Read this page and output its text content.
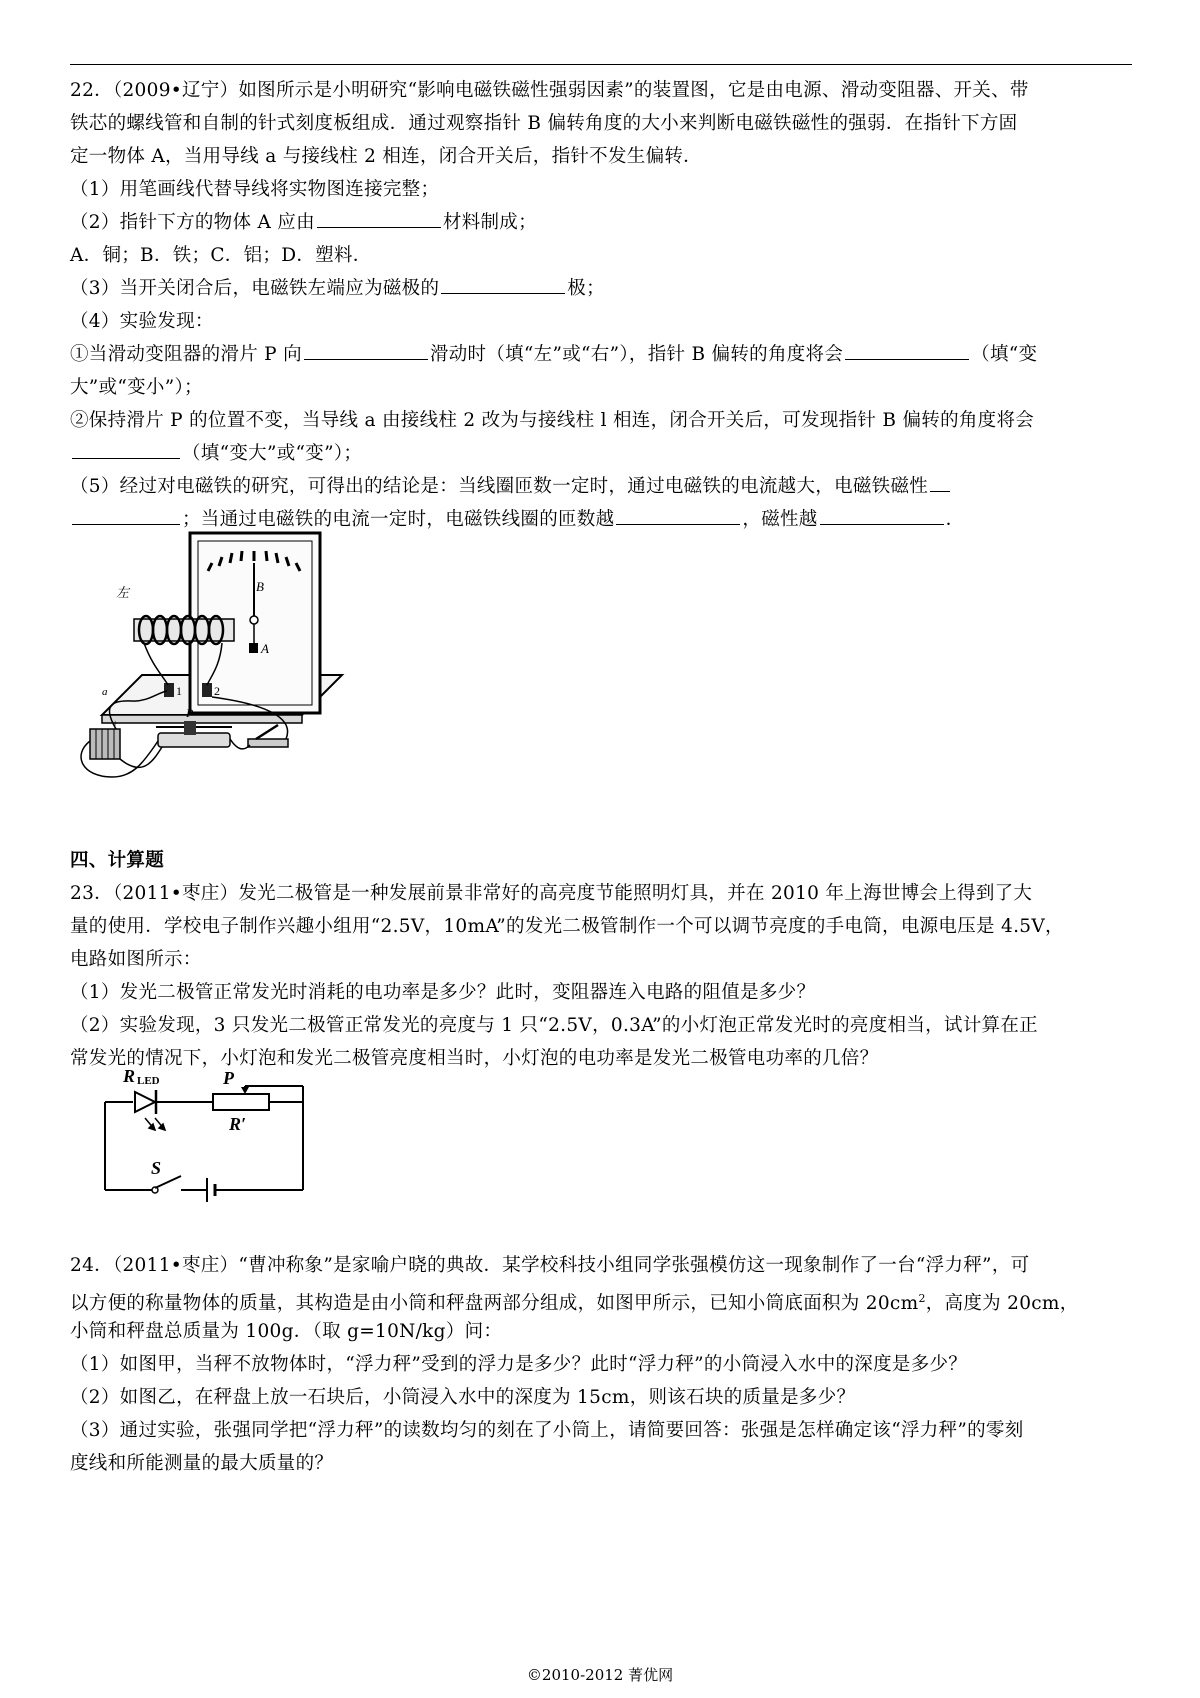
22．（2009•辽宁）如图所示是小明研究“影响电磁铁磁性强弱因素”的装置图，它是由电源、滑动变阻器、开关、带
铁芯的螺线管和自制的针式刻度板组成．通过观察指针 B 偏转角度的大小来判断电磁铁磁性的强弱．在指针下方固
定一物体 A，当用导线 a 与接线柱 2 相连，闭合开关后，指针不发生偏转．
（1）用笔画线代替导线将实物图连接完整；
（2）指针下方的物体 A 应由	材料制成；
A．铜；B．铁；C．铝；D．塑料．
（3）当开关闭合后，电磁铁左端应为磁极的	极；
（4）实验发现：
①当滑动变阻器的滑片 P 向	滑动时（填“左”或“右”），指针 B 偏转的角度将会	（填“变
大”或“变小”）；
②保持滑片 P 的位置不变，当导线 a 由接线柱 2 改为与接线柱 l 相连，闭合开关后，可发现指针 B 偏转的角度将会
（填“变大”或“变”）；
（5）经过对电磁铁的研究，可得出的结论是：当线圈匝数一定时，通过电磁铁的电流越大，电磁铁磁性
；当通过电磁铁的电流一定时，电磁铁线圈的匝数越	，磁性越	．
四、计算题
23．（2011•枣庄）发光二极管是一种发展前景非常好的高亮度节能照明灯具，并在 2010 年上海世博会上得到了大
量的使用．学校电子制作兴趣小组用“2.5V，10mA”的发光二极管制作一个可以调节亮度的手电筒，电源电压是 4.5V，
电路如图所示：
（1）发光二极管正常发光时消耗的电功率是多少？此时，变阻器连入电路的阻值是多少？
（2）实验发现，3 只发光二极管正常发光的亮度与 1 只“2.5V，0.3A”的小灯泡正常发光时的亮度相当，试计算在正
常发光的情况下，小灯泡和发光二极管亮度相当时，小灯泡的电功率是发光二极管电功率的几倍？
24．（2011•枣庄）“曹冲称象”是家喻户晓的典故．某学校科技小组同学张强模仿这一现象制作了一台“浮力秤”，可
以方便的称量物体的质量，其构造是由小筒和秤盘两部分组成，如图甲所示，已知小筒底面积为 $20cm^2$，高度为 20cm，
小筒和秤盘总质量为 100g．（取 g=10N/kg）问：
（1）如图甲，当秤不放物体时，“浮力秤”受到的浮力是多少？此时“浮力秤”的小筒浸入水中的深度是多少？
（2）如图乙，在秤盘上放一石块后，小筒浸入水中的深度为 15cm，则该石块的质量是多少？
（3）通过实验，张强同学把“浮力秤”的读数均匀的刻在了小筒上，请简要回答：张强是怎样确定该“浮力秤”的零刻
度线和所能测量的最大质量的？
B
A
左
1	2
+
a
P
R LED	P
R′
S
©2010-2012 菁优网
